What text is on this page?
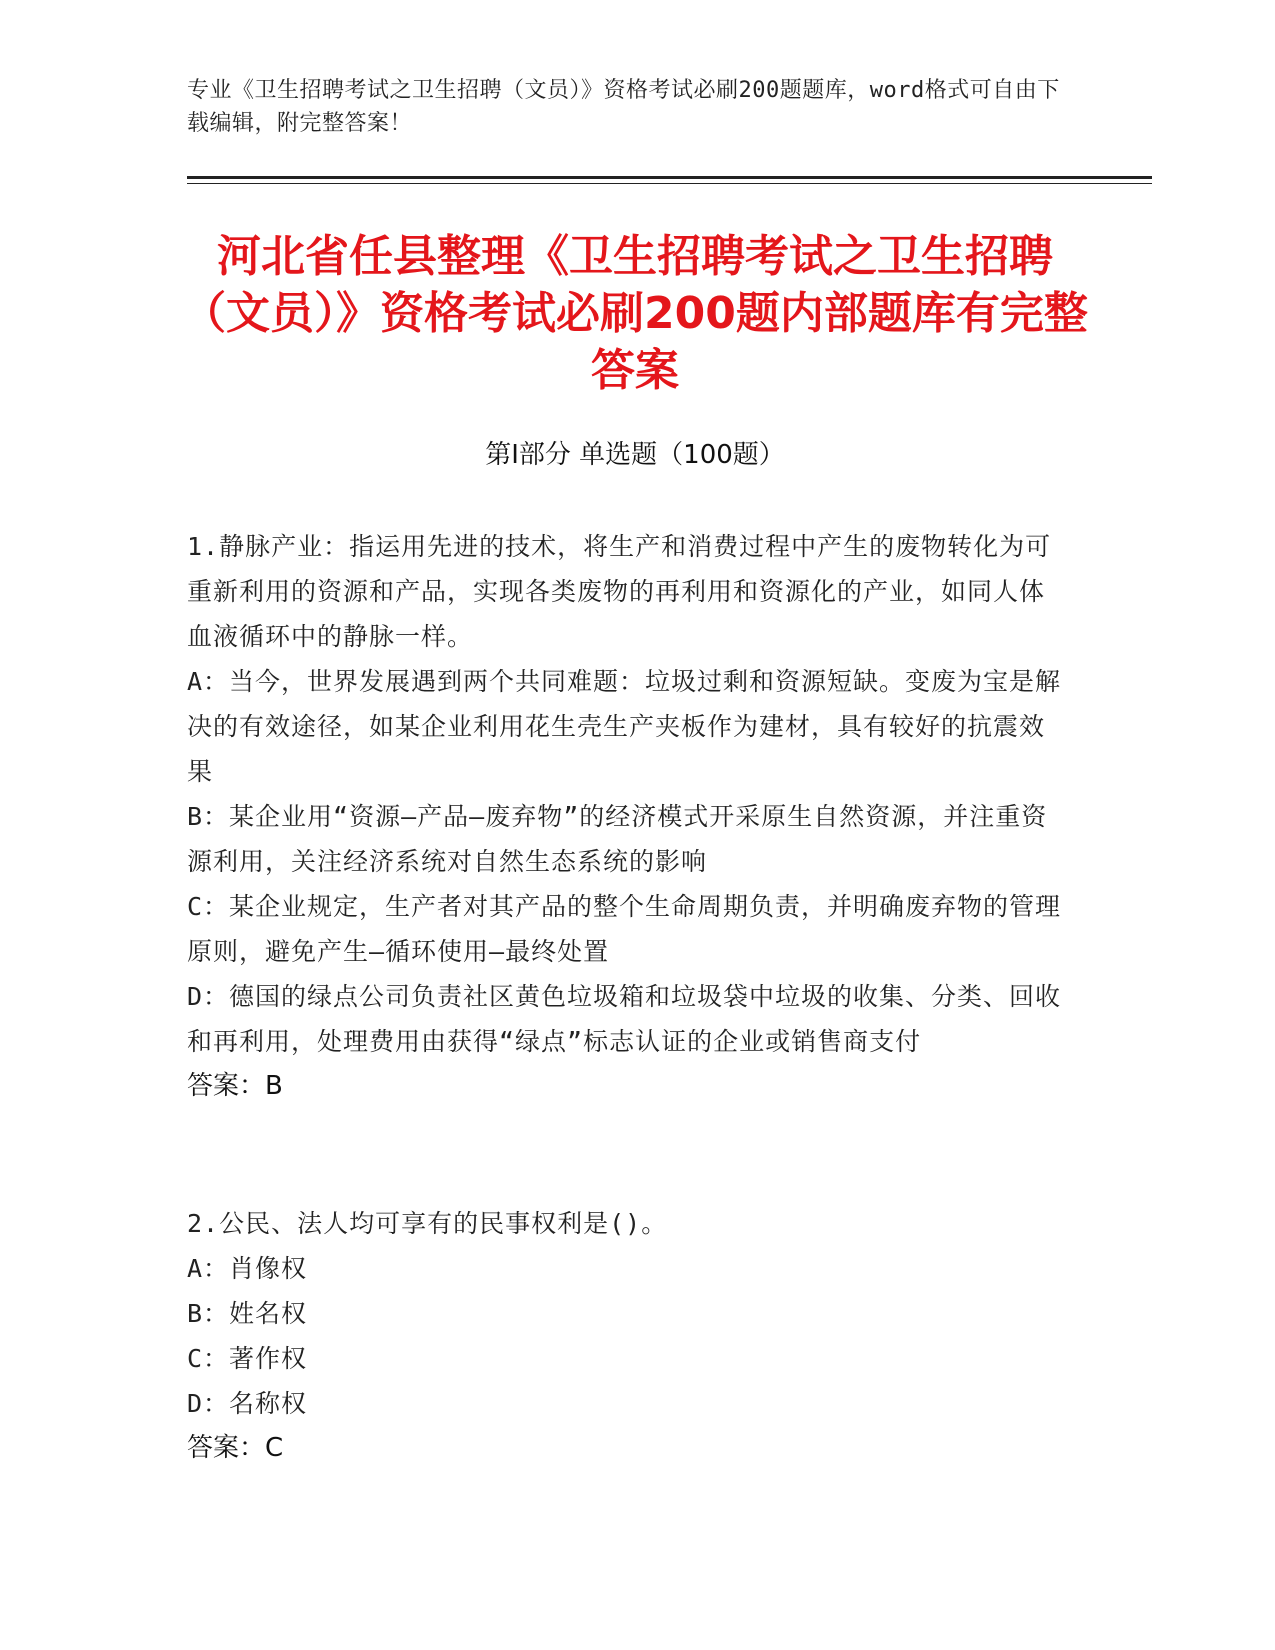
专业《卫生招聘考试之卫生招聘（文员）》资格考试必刷200题题库，word格式可自由下载编辑，附完整答案！
河北省任县整理《卫生招聘考试之卫生招聘（文员）》资格考试必刷200题内部题库有完整答案
第I部分 单选题（100题）
1.静脉产业：指运用先进的技术，将生产和消费过程中产生的废物转化为可重新利用的资源和产品，实现各类废物的再利用和资源化的产业，如同人体血液循环中的静脉一样。
A：当今，世界发展遇到两个共同难题：垃圾过剩和资源短缺。变废为宝是解决的有效途径，如某企业利用花生壳生产夹板作为建材，具有较好的抗震效果
B：某企业用“资源—产品—废弃物”的经济模式开采原生自然资源，并注重资源利用，关注经济系统对自然生态系统的影响
C：某企业规定，生产者对其产品的整个生命周期负责，并明确废弃物的管理原则，避免产生—循环使用—最终处置
D：德国的绿点公司负责社区黄色垃圾箱和垃圾袋中垃圾的收集、分类、回收和再利用，处理费用由获得“绿点”标志认证的企业或销售商支付
答案：B
2.公民、法人均可享有的民事权利是()。
A：肖像权
B：姓名权
C：著作权
D：名称权
答案：C
